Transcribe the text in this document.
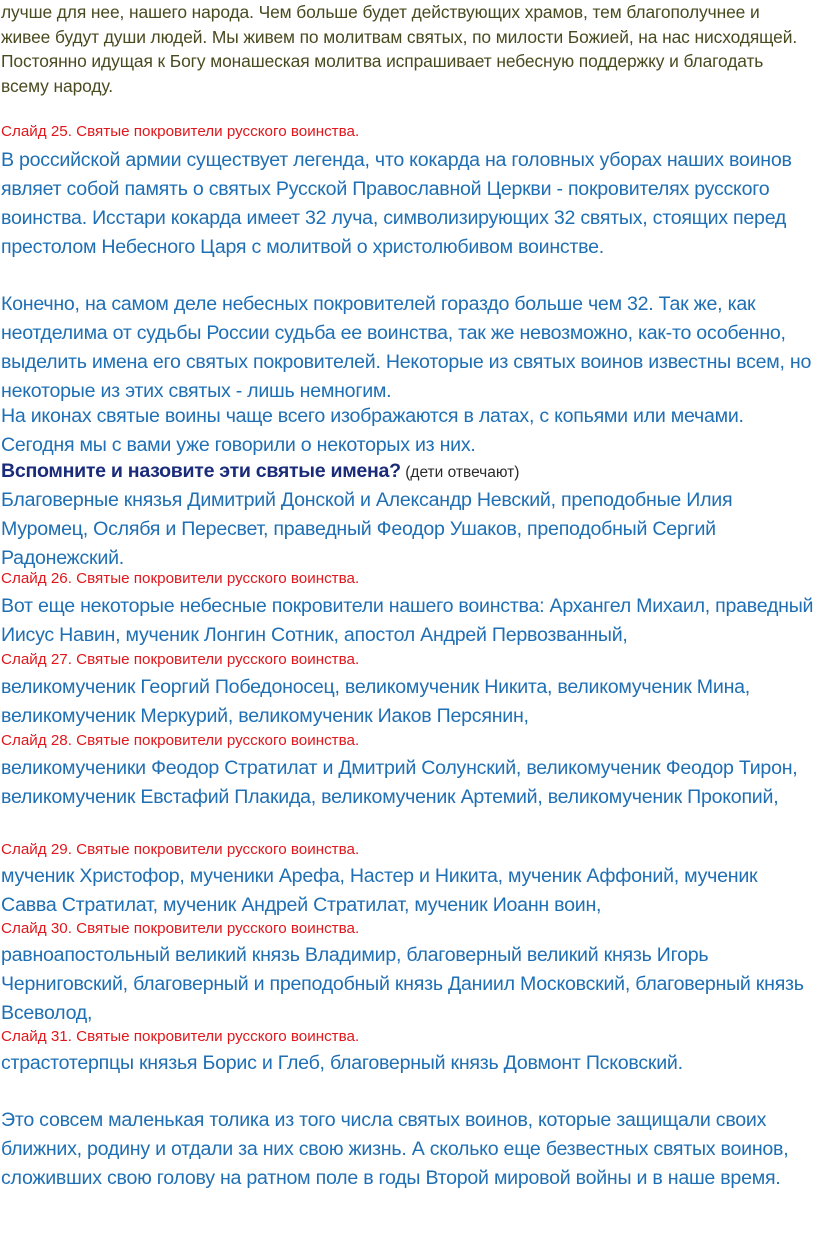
лучше для нее, нашего народа. Чем больше будет действующих храмов, тем благополучнее и живее будут души людей. Мы живем по молитвам святых, по милости Божией, на нас нисходящей. Постоянно идущая к Богу монашеская молитва испрашивает небесную поддержку и благодать всему народу.

Слайд 25. Святые покровители русского воинства.

В российской армии существует легенда, что кокарда на головных уборах наших воинов являет собой память о святых Русской Православной Церкви - покровителях русского воинства. Исстари кокарда имеет 32 луча, символизирующих 32 святых, стоящих перед престолом Небесного Царя с молитвой о христолюбивом воинстве.

Конечно, на самом деле небесных покровителей гораздо больше чем 32. Так же, как неотделима от судьбы России судьба ее воинства, так же невозможно, как-то особенно, выделить имена его святых покровителей. Некоторые из святых воинов известны всем, но некоторые из этих святых - лишь немногим.

На иконах святые воины чаще всего изображаются в латах, с копьями или мечами. Сегодня мы с вами уже говорили о некоторых из них.

Вспомните и назовите эти святые имена? (дети отвечают)

Благоверные князья Димитрий Донской и Александр Невский, преподобные Илия Муромец, Ослябя и Пересвет, праведный Феодор Ушаков, преподобный Сергий Радонежский.

Слайд 26. Святые покровители русского воинства.

Вот еще некоторые небесные покровители нашего воинства: Архангел Михаил, праведный Иисус Навин, мученик Лонгин Сотник, апостол Андрей Первозванный,

Слайд 27. Святые покровители русского воинства.

великомученик Георгий Победоносец, великомученик Никита, великомученик Мина, великомученик Меркурий, великомученик Иаков Персянин,

Слайд 28. Святые покровители русского воинства.

великомученики Феодор Стратилат и Дмитрий Солунский, великомученик Феодор Тирон, великомученик Евстафий Плакида, великомученик Артемий, великомученик Прокопий,

Слайд 29. Святые покровители русского воинства.

мученик Христофор, мученики Арефа, Настер и Никита, мученик Аффоний, мученик Савва Стратилат, мученик Андрей Стратилат, мученик Иоанн воин,

Слайд 30. Святые покровители русского воинства.

равноапостольный великий князь Владимир, благоверный великий князь Игорь Черниговский, благоверный и преподобный князь Даниил Московский, благоверный князь Всеволод,

Слайд 31. Святые покровители русского воинства.

страстотерпцы князья Борис и Глеб, благоверный князь Довмонт Псковский.

Это совсем маленькая толика из того числа святых воинов, которые защищали своих ближних, родину и отдали за них свою жизнь. А сколько еще безвестных святых воинов, сложивших свою голову на ратном поле в годы Второй мировой войны и в наше время.
